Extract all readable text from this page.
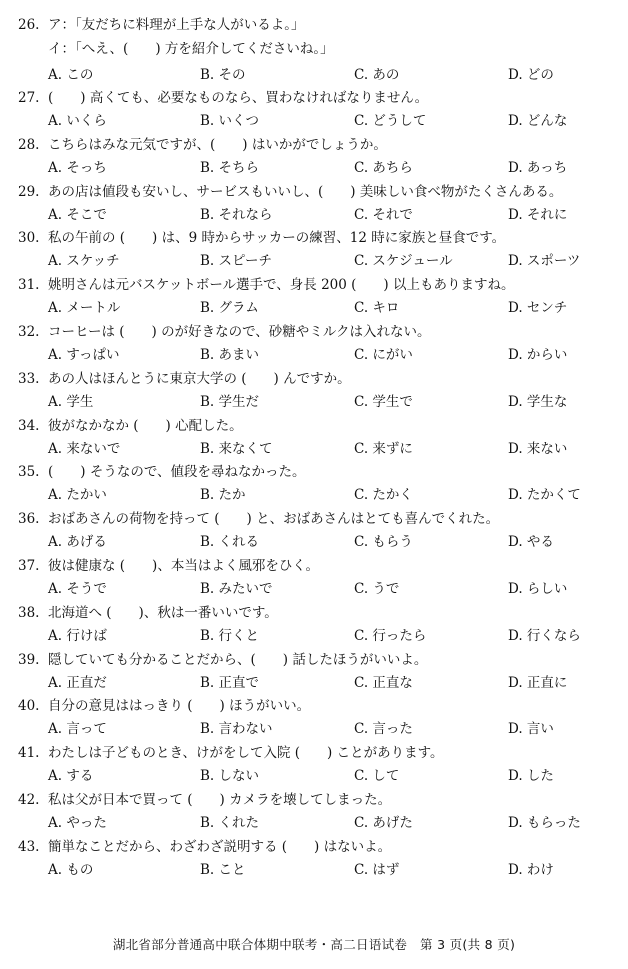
26. ア：「友だちに料理が上手な人がいるよ。」
イ：「へえ、(　　) 方を紹介してくださいね。」
A. この	B. その	C. あの	D. どの
27. (　　) 高くても、必要なものなら、買わなければなりません。
A. いくら	B. いくつ	C. どうして	D. どんな
28. こちらはみな元気ですが、(　　) はいかがでしょうか。
A. そっち	B. そちら	C. あちら	D. あっち
29. あの店は値段も安いし、サービスもいいし、(　　) 美味しい食べ物がたくさんある。
A. そこで	B. それなら	C. それで	D. それに
30. 私の午前の (　　) は、9 時からサッカーの練習、12 時に家族と昼食です。
A. スケッチ	B. スピーチ	C. スケジュール	D. スポーツ
31. 姚明さんは元バスケットボール選手で、身長 200 (　　) 以上もありますね。
A. メートル	B. グラム	C. キロ	D. センチ
32. コーヒーは (　　) のが好きなので、砂糖やミルクは入れない。
A. すっぱい	B. あまい	C. にがい	D. からい
33. あの人はほんとうに東京大学の (　　) んですか。
A. 学生	B. 学生だ	C. 学生で	D. 学生な
34. 彼がなかなか (　　) 心配した。
A. 来ないで	B. 来なくて	C. 来ずに	D. 来ない
35. (　　) そうなので、値段を尋ねなかった。
A. たかい	B. たか	C. たかく	D. たかくて
36. おばあさんの荷物を持って (　　) と、おばあさんはとても喜んでくれた。
A. あげる	B. くれる	C. もらう	D. やる
37. 彼は健康な (　　)、本当はよく風邪をひく。
A. そうで	B. みたいで	C. うで	D. らしい
38. 北海道へ (　　)、秋は一番いいです。
A. 行けば	B. 行くと	C. 行ったら	D. 行くなら
39. 隠していても分かることだから、(　　) 話したほうがいいよ。
A. 正直だ	B. 正直で	C. 正直な	D. 正直に
40. 自分の意見ははっきり (　　) ほうがいい。
A. 言って	B. 言わない	C. 言った	D. 言い
41. わたしは子どものとき、けがをして入院 (　　) ことがあります。
A. する	B. しない	C. して	D. した
42. 私は父が日本で買って (　　) カメラを壊してしまった。
A. やった	B. くれた	C. あげた	D. もらった
43. 簡単なことだから、わざわざ説明する (　　) はないよ。
A. もの	B. こと	C. はず	D. わけ
湖北省部分普通高中联合体期中联考・高二日语试卷　第 3 页(共 8 页)
